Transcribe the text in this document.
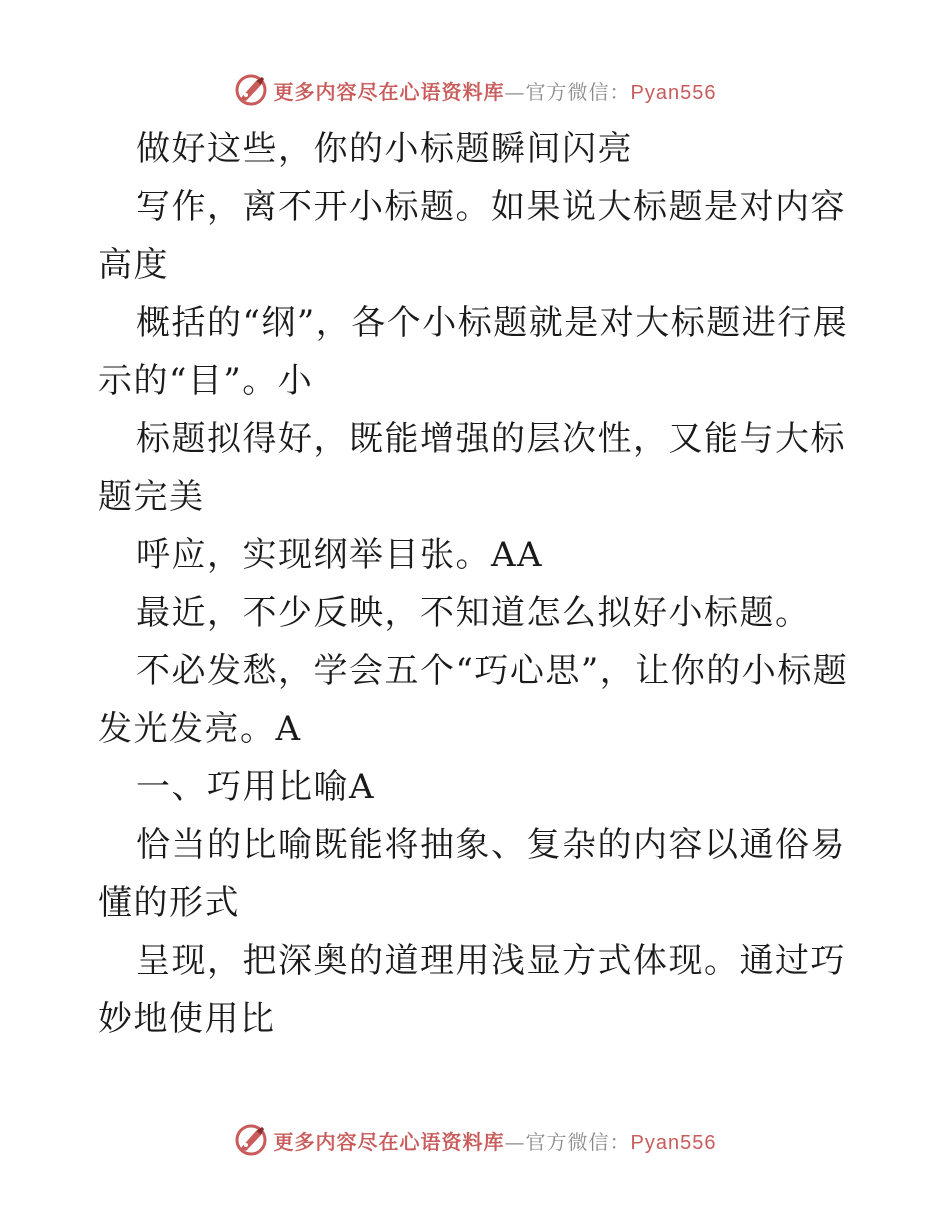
更多内容尽在心语资料库—官方微信：Pyan556

做好这些，你的小标题瞬间闪亮

写作，离不开小标题。如果说大标题是对内容高度

概括的“纲”，各个小标题就是对大标题进行展示的“目”。小

标题拟得好，既能增强的层次性，又能与大标题完美

呼应，实现纲举目张。AA

最近，不少反映，不知道怎么拟好小标题。

不必发愁，学会五个“巧心思”，让你的小标题发光发亮。A

一、巧用比喻A

恰当的比喻既能将抽象、复杂的内容以通俗易懂的形式

呈现，把深奥的道理用浅显方式体现。通过巧妙地使用比

更多内容尽在心语资料库—官方微信：Pyan556
